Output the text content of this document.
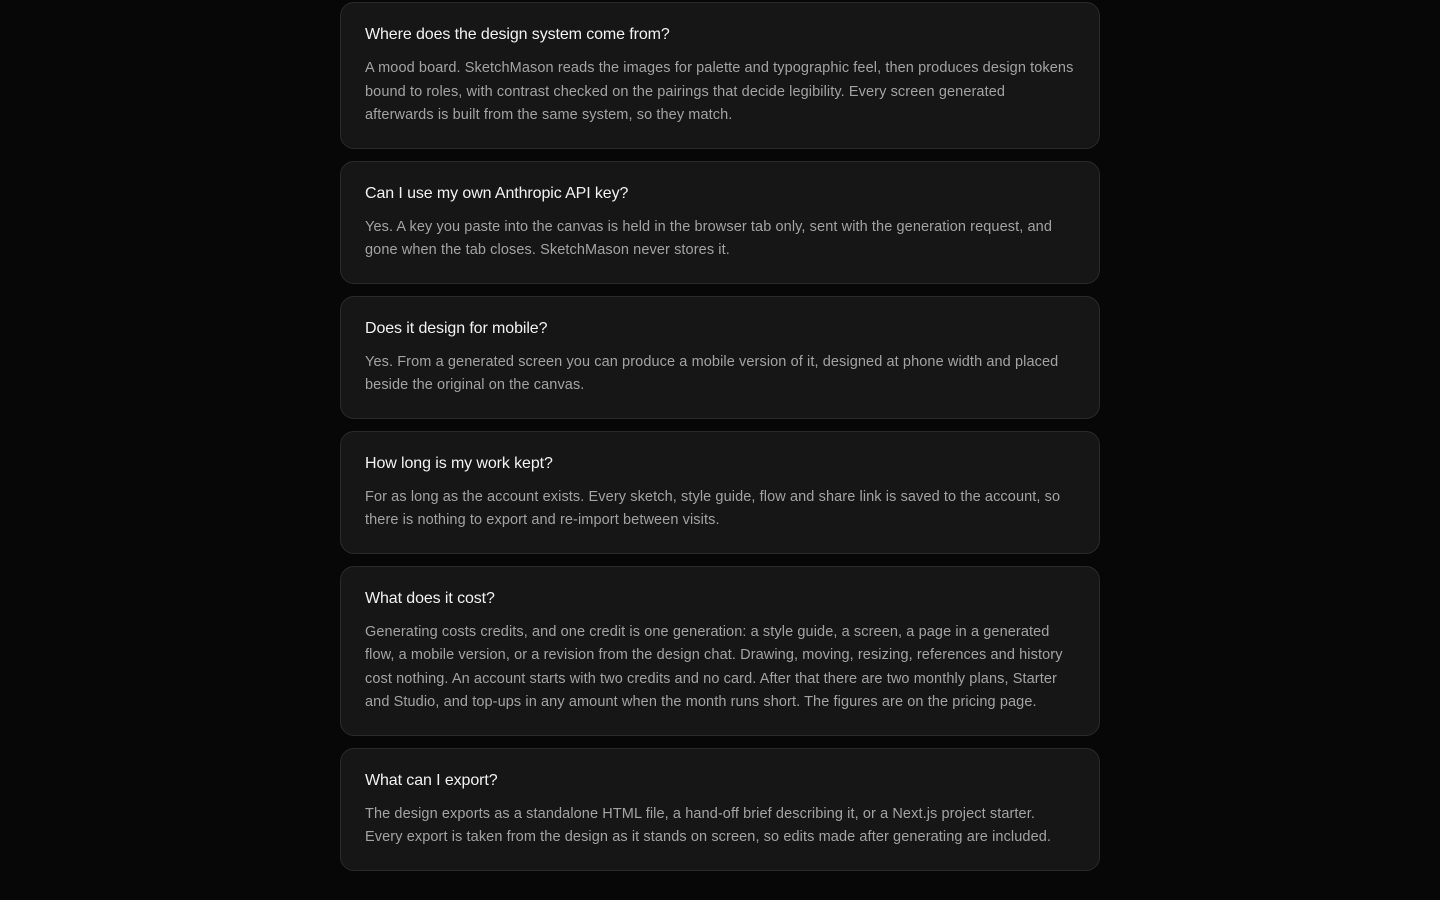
Where does the design system come from?

A mood board. SketchMason reads the images for palette and typographic feel, then produces design tokens bound to roles, with contrast checked on the pairings that decide legibility. Every screen generated afterwards is built from the same system, so they match.

Can I use my own Anthropic API key?

Yes. A key you paste into the canvas is held in the browser tab only, sent with the generation request, and gone when the tab closes. SketchMason never stores it.

Does it design for mobile?

Yes. From a generated screen you can produce a mobile version of it, designed at phone width and placed beside the original on the canvas.

How long is my work kept?

For as long as the account exists. Every sketch, style guide, flow and share link is saved to the account, so there is nothing to export and re-import between visits.

What does it cost?

Generating costs credits, and one credit is one generation: a style guide, a screen, a page in a generated flow, a mobile version, or a revision from the design chat. Drawing, moving, resizing, references and history cost nothing. An account starts with two credits and no card. After that there are two monthly plans, Starter and Studio, and top-ups in any amount when the month runs short. The figures are on the pricing page.

What can I export?

The design exports as a standalone HTML file, a hand-off brief describing it, or a Next.js project starter. Every export is taken from the design as it stands on screen, so edits made after generating are included.
